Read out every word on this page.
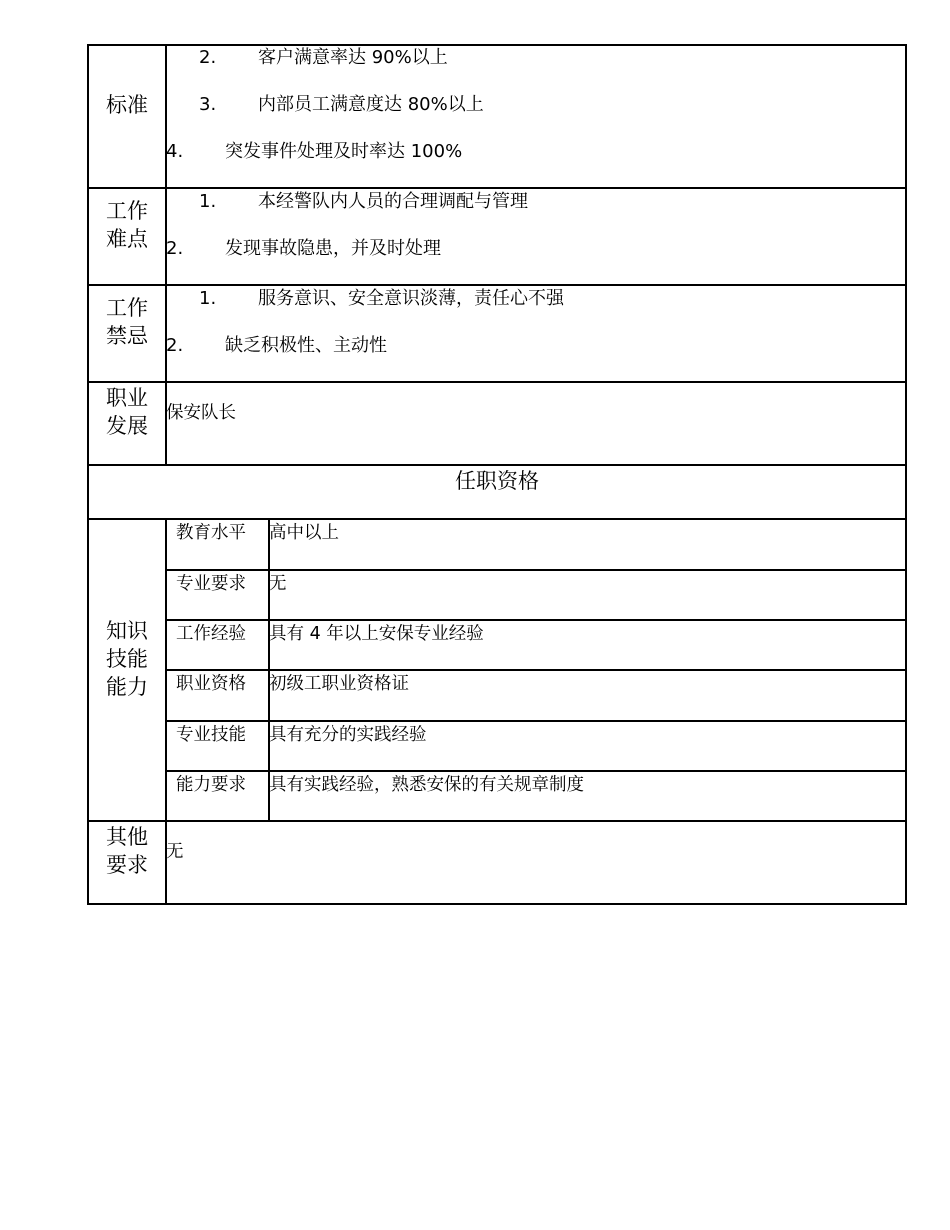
标准
2. 客户满意率达 90%以上
3. 内部员工满意度达 80%以上
4. 突发事件处理及时率达 100%
工作
难点
1. 本经警队内人员的合理调配与管理
2. 发现事故隐患，并及时处理
工作
禁忌
1. 服务意识、安全意识淡薄，责任心不强
2. 缺乏积极性、主动性
职业
发展
保安队长
任职资格
知识
技能
能力
教育水平 高中以上
专业要求 无
工作经验 具有 4 年以上安保专业经验
职业资格 初级工职业资格证
专业技能 具有充分的实践经验
能力要求 具有实践经验，熟悉安保的有关规章制度
其他
要求
无
